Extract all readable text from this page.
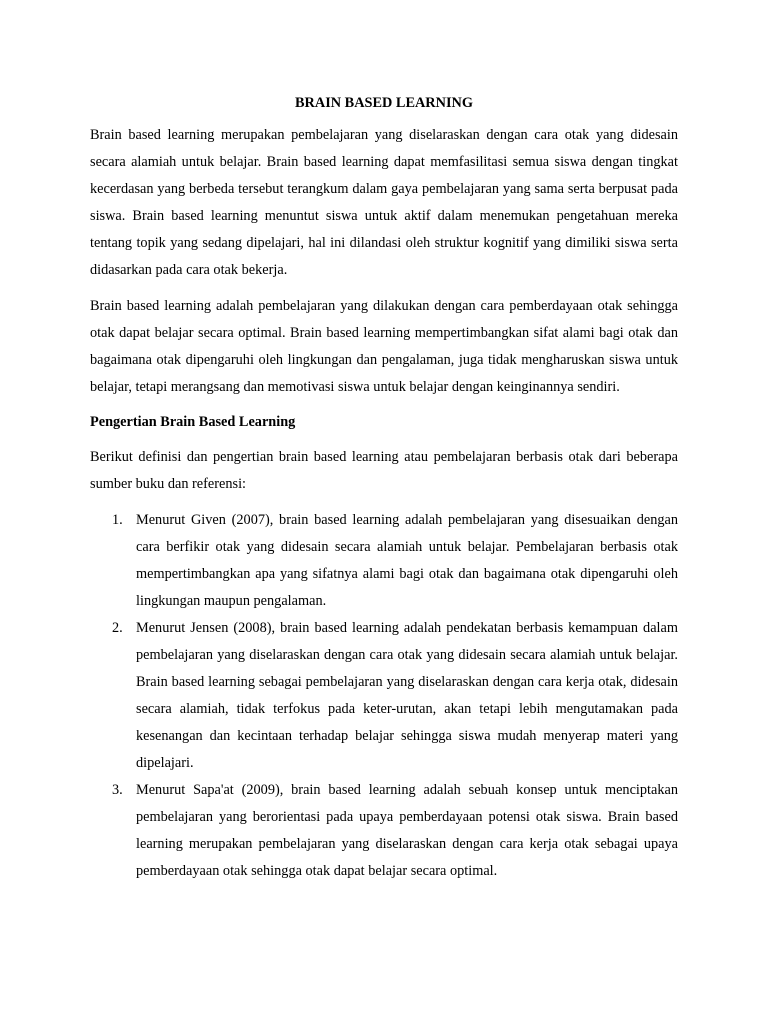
BRAIN BASED LEARNING

Brain based learning merupakan pembelajaran yang diselaraskan dengan cara otak yang didesain secara alamiah untuk belajar. Brain based learning dapat memfasilitasi semua siswa dengan tingkat kecerdasan yang berbeda tersebut terangkum dalam gaya pembelajaran yang sama serta berpusat pada siswa. Brain based learning menuntut siswa untuk aktif dalam menemukan pengetahuan mereka tentang topik yang sedang dipelajari, hal ini dilandasi oleh struktur kognitif yang dimiliki siswa serta didasarkan pada cara otak bekerja.

Brain based learning adalah pembelajaran yang dilakukan dengan cara pemberdayaan otak sehingga otak dapat belajar secara optimal. Brain based learning mempertimbangkan sifat alami bagi otak dan bagaimana otak dipengaruhi oleh lingkungan dan pengalaman, juga tidak mengharuskan siswa untuk belajar, tetapi merangsang dan memotivasi siswa untuk belajar dengan keinginannya sendiri.

Pengertian Brain Based Learning

Berikut definisi dan pengertian brain based learning atau pembelajaran berbasis otak dari beberapa sumber buku dan referensi:

1. Menurut Given (2007), brain based learning adalah pembelajaran yang disesuaikan dengan cara berfikir otak yang didesain secara alamiah untuk belajar. Pembelajaran berbasis otak mempertimbangkan apa yang sifatnya alami bagi otak dan bagaimana otak dipengaruhi oleh lingkungan maupun pengalaman.
2. Menurut Jensen (2008), brain based learning adalah pendekatan berbasis kemampuan dalam pembelajaran yang diselaraskan dengan cara otak yang didesain secara alamiah untuk belajar. Brain based learning sebagai pembelajaran yang diselaraskan dengan cara kerja otak, didesain secara alamiah, tidak terfokus pada keter-urutan, akan tetapi lebih mengutamakan pada kesenangan dan kecintaan terhadap belajar sehingga siswa mudah menyerap materi yang dipelajari.
3. Menurut Sapa'at (2009), brain based learning adalah sebuah konsep untuk menciptakan pembelajaran yang berorientasi pada upaya pemberdayaan potensi otak siswa. Brain based learning merupakan pembelajaran yang diselaraskan dengan cara kerja otak sebagai upaya pemberdayaan otak sehingga otak dapat belajar secara optimal.
